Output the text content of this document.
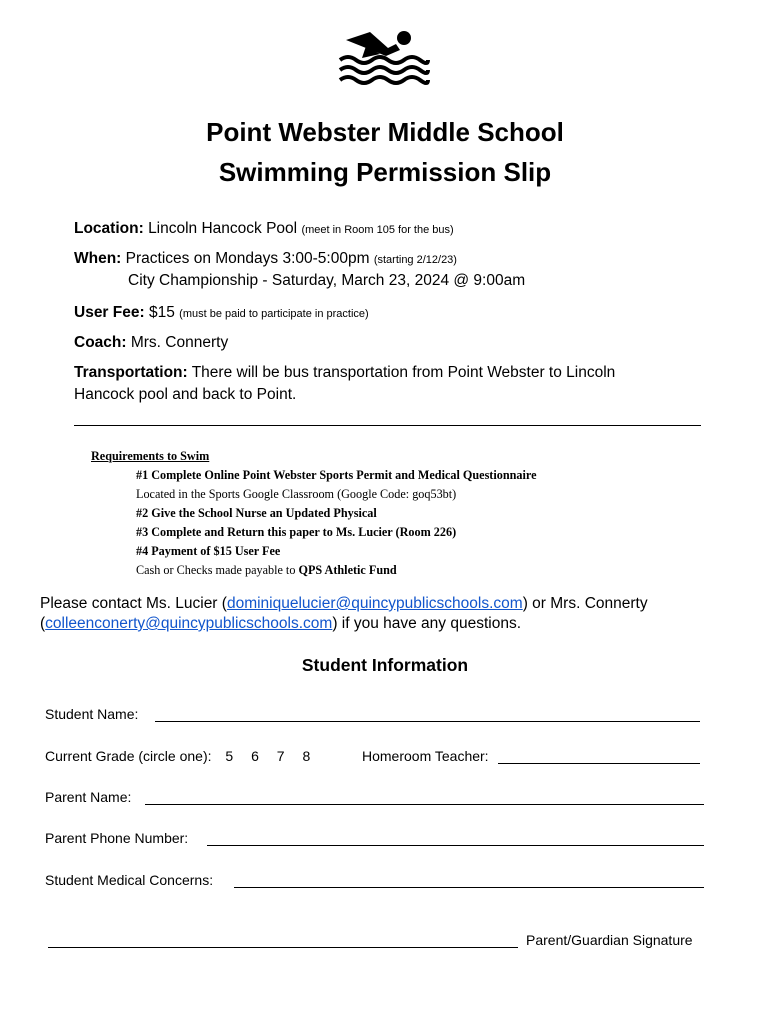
Point Webster Middle School
Swimming Permission Slip
Location: Lincoln Hancock Pool (meet in Room 105 for the bus)
When: Practices on Mondays 3:00-5:00pm (starting 2/12/23)
City Championship - Saturday, March 23, 2024 @ 9:00am
User Fee: $15 (must be paid to participate in practice)
Coach: Mrs. Connerty
Transportation: There will be bus transportation from Point Webster to Lincoln
Hancock pool and back to Point.
Requirements to Swim
#1 Complete Online Point Webster Sports Permit and Medical Questionnaire
Located in the Sports Google Classroom (Google Code: goq53bt)
#2 Give the School Nurse an Updated Physical
#3 Complete and Return this paper to Ms. Lucier (Room 226)
#4 Payment of $15 User Fee
Cash or Checks made payable to QPS Athletic Fund
Please contact Ms. Lucier (dominiquelucier@quincypublicschools.com) or Mrs. Connerty
(colleenconerty@quincypublicschools.com) if you have any questions.
Student Information
Student Name:
Current Grade (circle one): 5 6 7 8	Homeroom Teacher:
Parent Name:
Parent Phone Number:
Student Medical Concerns:
Parent/Guardian Signature
